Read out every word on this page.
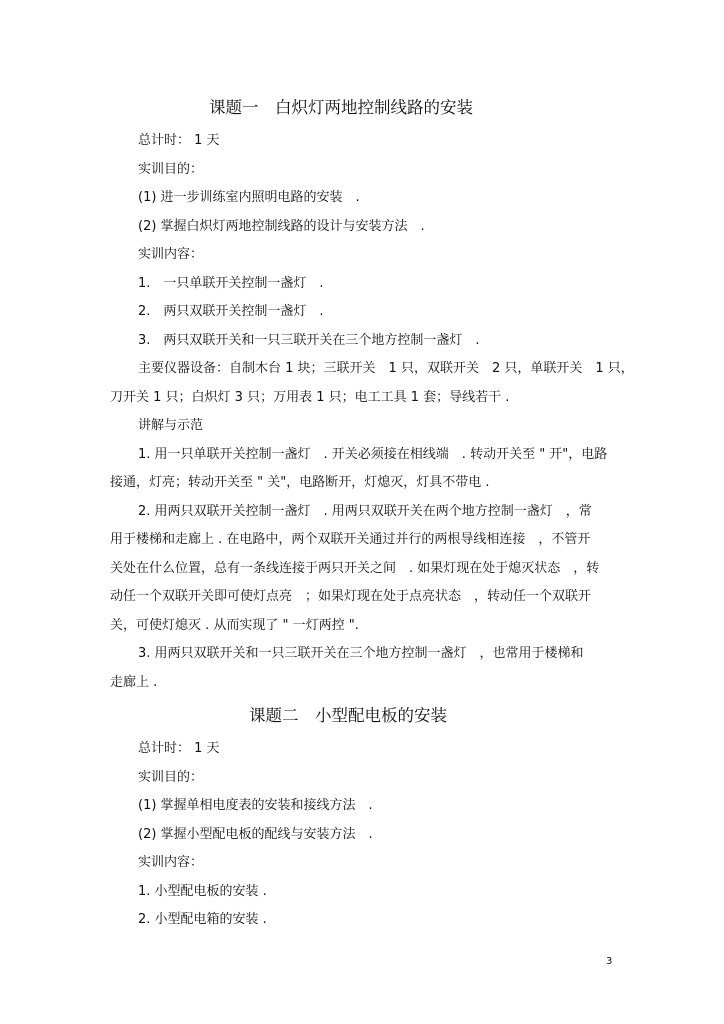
课题一　白炽灯两地控制线路的安装
总计时： 1 天
实训目的：
(1) 进一步训练室内照明电路的安装　.
(2) 掌握白炽灯两地控制线路的设计与安装方法　.
实训内容：
1.　一只单联开关控制一盏灯　.
2.　两只双联开关控制一盏灯　.
3.　两只双联开关和一只三联开关在三个地方控制一盏灯　.
主要仪器设备：自制木台 1 块；三联开关　1 只，双联开关　2 只，单联开关　1 只，
刀开关 1 只；白炽灯 3 只；万用表 1 只；电工工具 1 套；导线若干 .
讲解与示范
1. 用一只单联开关控制一盏灯　. 开关必须接在相线端　. 转动开关至 " 开"，电路
接通，灯亮；转动开关至 " 关"，电路断开，灯熄灭，灯具不带电 .
2. 用两只双联开关控制一盏灯　. 用两只双联开关在两个地方控制一盏灯　，常
用于楼梯和走廊上 . 在电路中，两个双联开关通过并行的两根导线相连接　，不管开
关处在什么位置，总有一条线连接于两只开关之间　. 如果灯现在处于熄灭状态　，转
动任一个双联开关即可使灯点亮　；如果灯现在处于点亮状态　，转动任一个双联开
关，可使灯熄灭 . 从而实现了 " 一灯两控 ".
3. 用两只双联开关和一只三联开关在三个地方控制一盏灯　，也常用于楼梯和
走廊上 .
课题二　小型配电板的安装
总计时： 1 天
实训目的：
(1) 掌握单相电度表的安装和接线方法　.
(2) 掌握小型配电板的配线与安装方法　.
实训内容：
1. 小型配电板的安装 .
2. 小型配电箱的安装 .
3
